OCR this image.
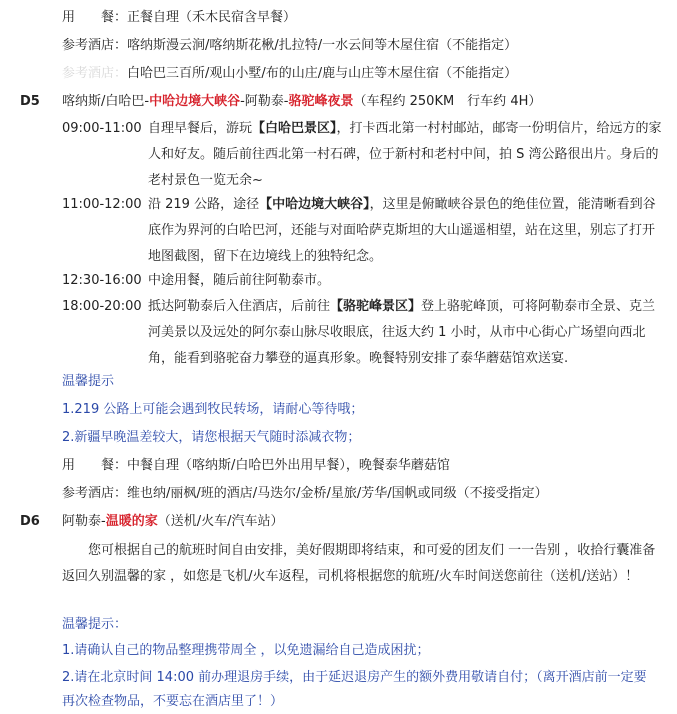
用　　餐：正餐自理（禾木民宿含早餐）
参考酒店：喀纳斯漫云涧/喀纳斯花楸/扎拉特/一水云间等木屋住宿（不能指定）
参考酒店：白哈巴三百所/观山小墅/布的山庄/鹿与山庄等木屋住宿（不能指定）
D5 喀纳斯/白哈巴-中哈边境大峡谷-阿勒泰-骆驼峰夜景（车程约 250KM　行车约 4H）
09:00-11:00 自理早餐后，游玩【白哈巴景区】，打卡西北第一村村邮站，邮寄一份明信片，给远方的家人和好友。随后前往西北第一村石碑，位于新村和老村中间，拍 S 湾公路很出片。身后的老村景色一览无余~
11:00-12:00 沿 219 公路，途径【中哈边境大峡谷】，这里是俯瞰峡谷景色的绝佳位置，能清晰看到谷底作为界河的白哈巴河，还能与对面哈萨克斯坦的大山遥遥相望，站在这里，别忘了打开地图截图，留下在边境线上的独特纪念。
12:30-16:00 中途用餐，随后前往阿勒泰市。
18:00-20:00 抵达阿勒泰后入住酒店，后前往【骆驼峰景区】登上骆驼峰顶，可将阿勒泰市全景、克兰河美景以及远处的阿尔泰山脉尽收眼底，往返大约 1 小时，从市中心街心广场望向西北角，能看到骆驼奋力攀登的逼真形象。晚餐特别安排了泰华蘑菇馆欢送宴.
温馨提示
1.219 公路上可能会遇到牧民转场，请耐心等待哦；
2.新疆早晚温差较大，请您根据天气随时添减衣物；
用　　餐：中餐自理（喀纳斯/白哈巴外出用早餐），晚餐泰华蘑菇馆
参考酒店：维也纳/丽枫/班的酒店/马迭尔/金桥/星旅/芳华/国帆或同级（不接受指定）
D6 阿勒泰-温暖的家（送机/火车/汽车站）
您可根据自己的航班时间自由安排，美好假期即将结束，和可爱的团友们 一一告别 ，收拾行囊准备返回久别温馨的家 ，如您是飞机/火车返程，司机将根据您的航班/火车时间送您前往（送机/送站）！
温馨提示：
1.请确认自己的物品整理携带周全 ，以免遗漏给自己造成困扰；
2.请在北京时间 14:00 前办理退房手续，由于延迟退房产生的额外费用敬请自付；（离开酒店前一定要再次检查物品，不要忘在酒店里了！）
